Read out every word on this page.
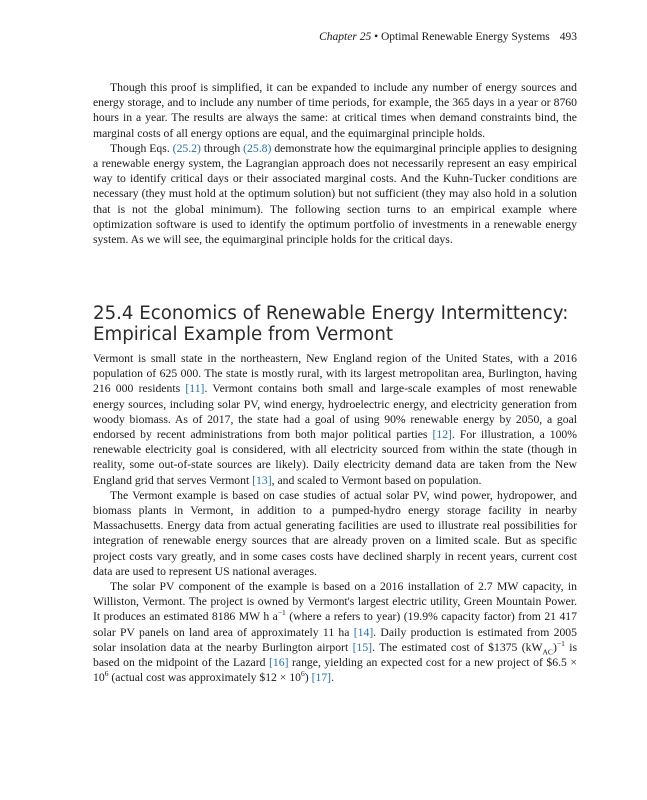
Chapter 25 • Optimal Renewable Energy Systems 493

Though this proof is simplified, it can be expanded to include any number of energy sources and energy storage, and to include any number of time periods, for example, the 365 days in a year or 8760 hours in a year. The results are always the same: at critical times when demand constraints bind, the marginal costs of all energy options are equal, and the equimarginal principle holds.

Though Eqs. (25.2) through (25.8) demonstrate how the equimarginal principle applies to designing a renewable energy system, the Lagrangian approach does not necessarily represent an easy empirical way to identify critical days or their associated marginal costs. And the Kuhn-Tucker conditions are necessary (they must hold at the optimum solution) but not sufficient (they may also hold in a solution that is not the global minimum). The following section turns to an empirical example where optimization software is used to identify the optimum portfolio of investments in a renewable energy system. As we will see, the equimarginal principle holds for the critical days.

25.4 Economics of Renewable Energy Intermittency: Empirical Example from Vermont

Vermont is small state in the northeastern, New England region of the United States, with a 2016 population of 625 000. The state is mostly rural, with its largest metropolitan area, Burlington, having 216 000 residents [11]. Vermont contains both small and large-scale examples of most renewable energy sources, including solar PV, wind energy, hydroelectric energy, and electricity generation from woody biomass. As of 2017, the state had a goal of using 90% renewable energy by 2050, a goal endorsed by recent administrations from both major political parties [12]. For illustration, a 100% renewable electricity goal is considered, with all electricity sourced from within the state (though in reality, some out-of-state sources are likely). Daily electricity demand data are taken from the New England grid that serves Vermont [13], and scaled to Vermont based on population.

The Vermont example is based on case studies of actual solar PV, wind power, hydropower, and biomass plants in Vermont, in addition to a pumped-hydro energy storage facility in nearby Massachusetts. Energy data from actual generating facilities are used to illustrate real possibilities for integration of renewable energy sources that are already proven on a limited scale. But as specific project costs vary greatly, and in some cases costs have declined sharply in recent years, current cost data are used to represent US national averages.

The solar PV component of the example is based on a 2016 installation of 2.7 MW capacity, in Williston, Vermont. The project is owned by Vermont's largest electric utility, Green Mountain Power. It produces an estimated 8186 MW h $a^{-1}$ (where a refers to year) (19.9% capacity factor) from 21 417 solar PV panels on land area of approximately 11 ha [14]. Daily production is estimated from 2005 solar insolation data at the nearby Burlington airport [15]. The estimated cost of $1375 $(kW_{AC})^{-1}$ is based on the midpoint of the Lazard [16] range, yielding an expected cost for a new project of $6.5 × $10^6$ (actual cost was approximately $12 × $10^6$) [17].
